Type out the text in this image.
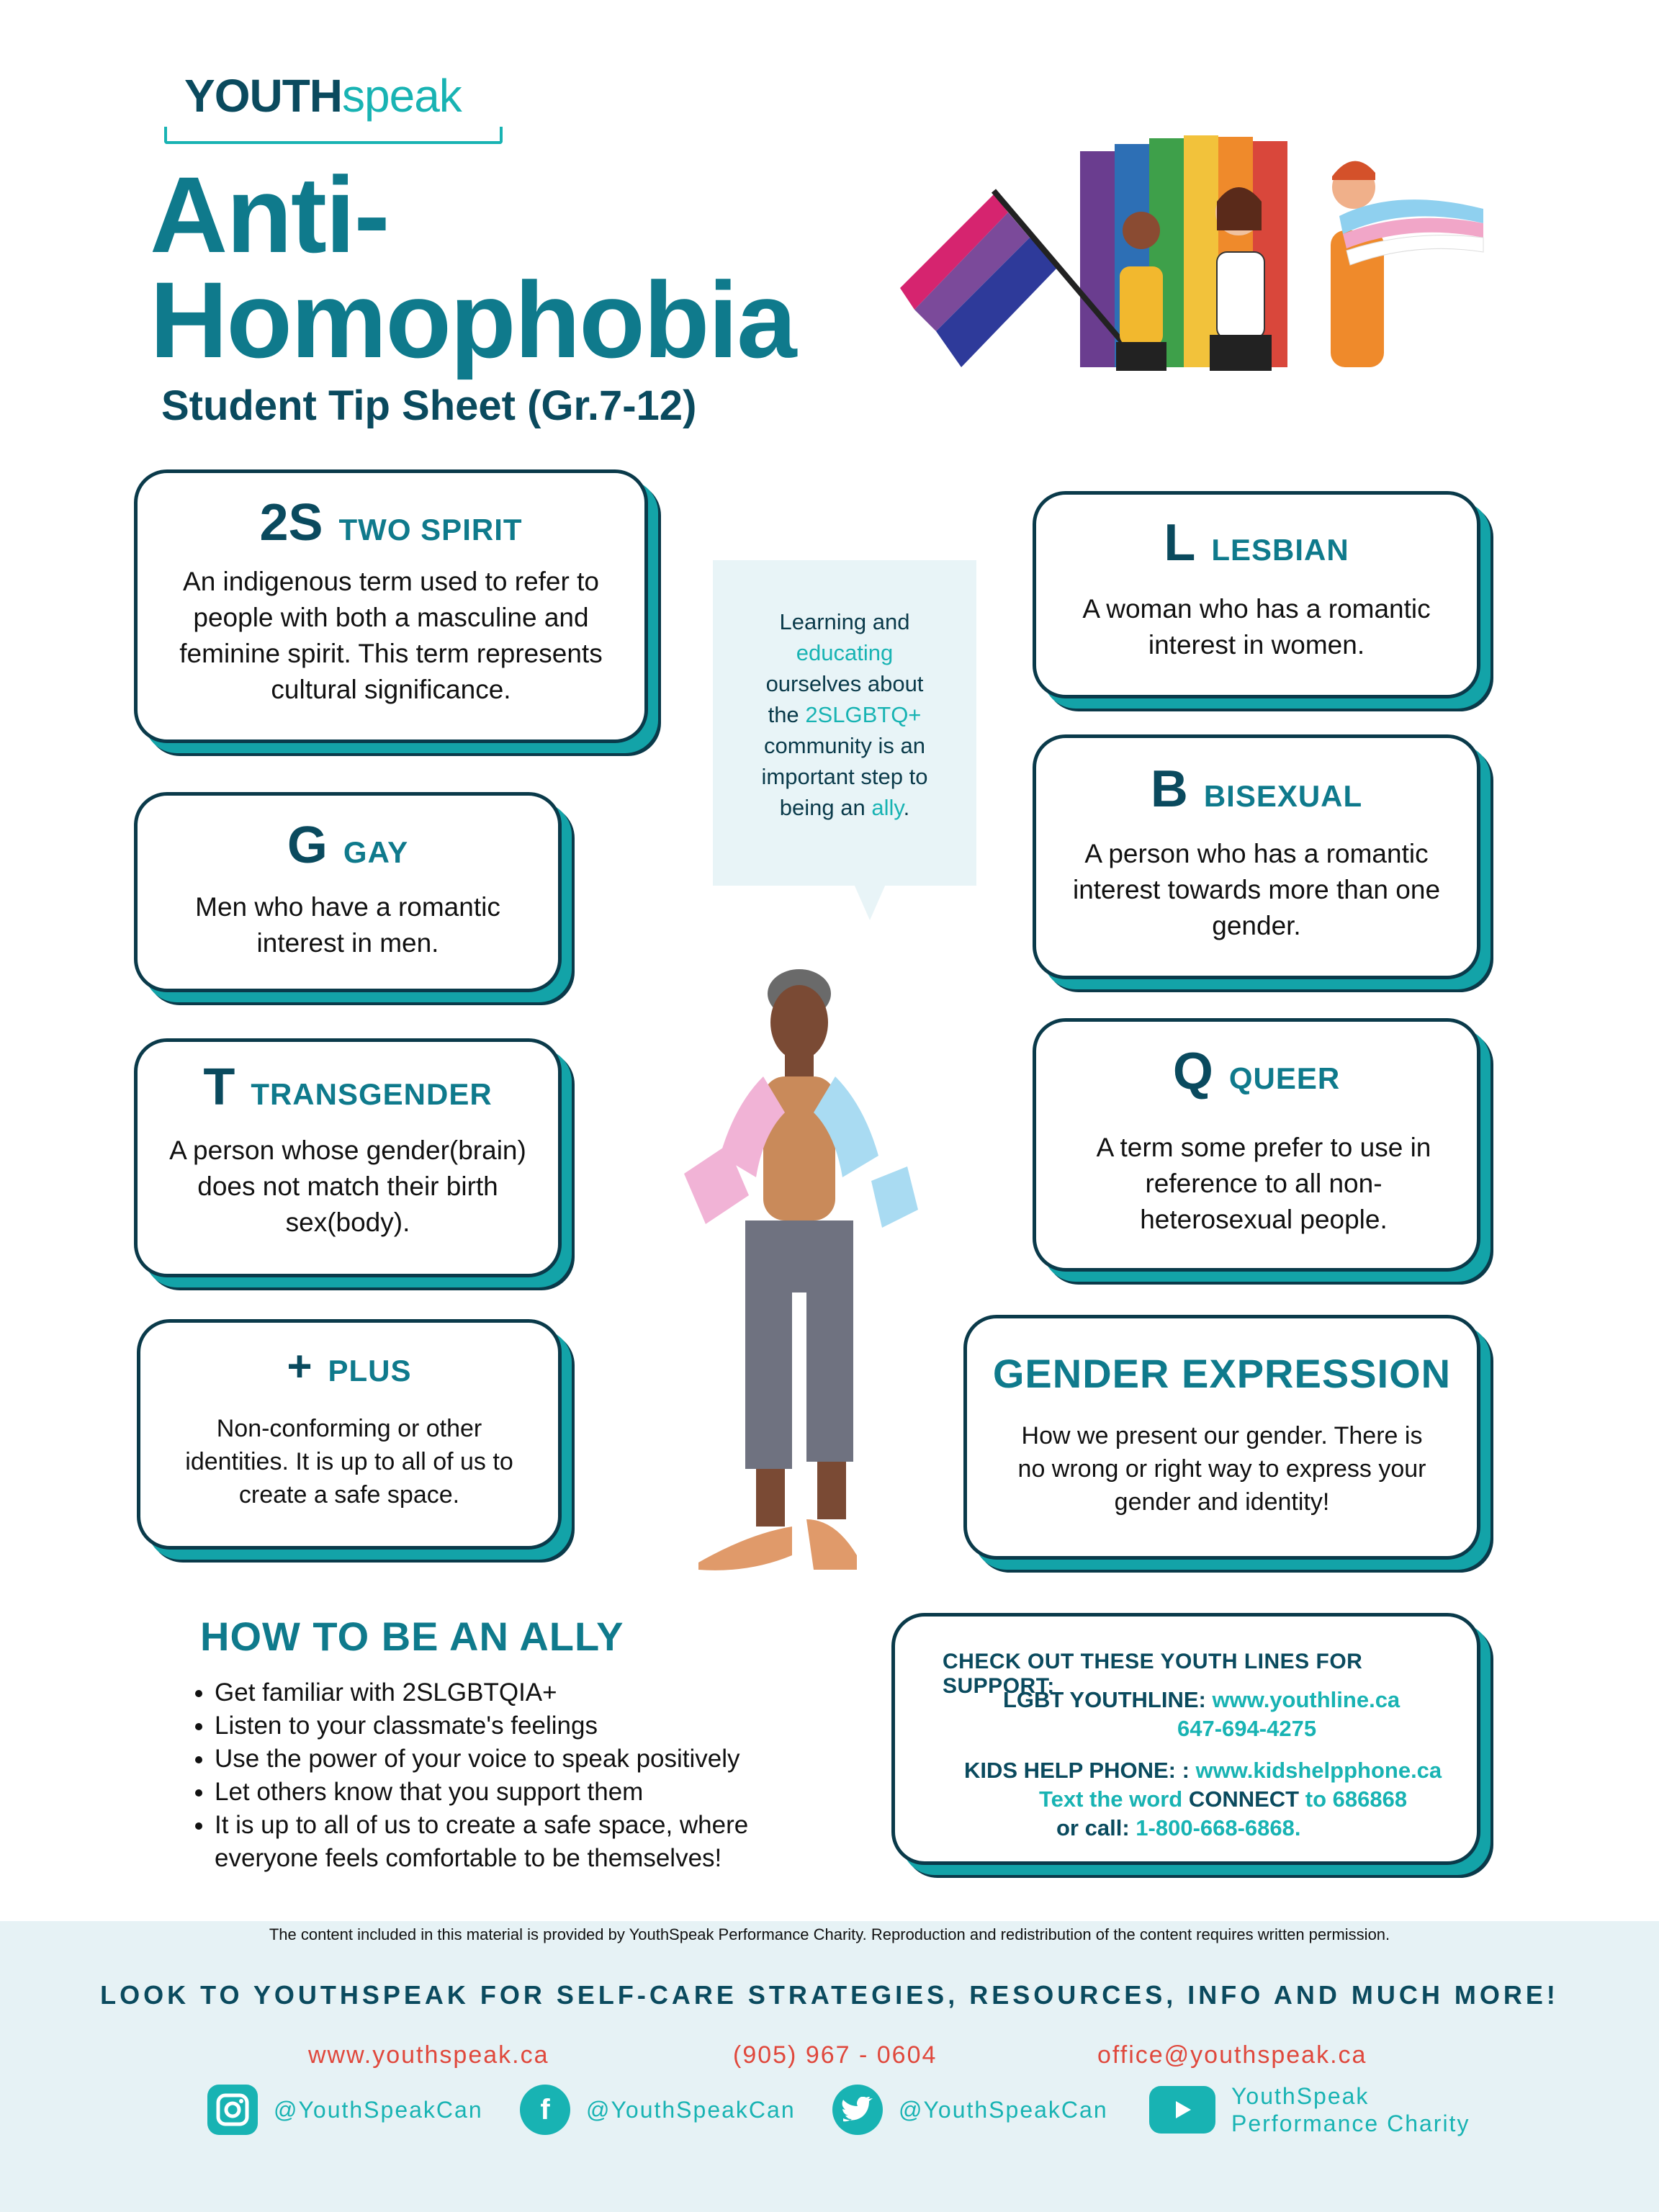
YOUTHspeak
Anti-
Homophobia
Student Tip Sheet (Gr.7-12)
2S TWO SPIRIT
An indigenous term used to refer to people with both a masculine and feminine spirit. This term represents cultural significance.
G GAY
Men who have a romantic interest in men.
T TRANSGENDER
A person whose gender(brain) does not match their birth sex(body).
+ PLUS
Non-conforming or other identities. It is up to all of us to create a safe space.
L LESBIAN
A woman who has a romantic interest in women.
B BISEXUAL
A person who has a romantic interest towards more than one gender.
Q QUEER
A term some prefer to use in reference to all non-heterosexual people.
GENDER EXPRESSION
How we present our gender. There is no wrong or right way to express your gender and identity!
Learning and
educating
ourselves about
the 2SLGBTQ+
community is an
important step to
being an ally.
HOW TO BE AN ALLY
• Get familiar with 2SLGBTQIA+
• Listen to your classmate's feelings
• Use the power of your voice to speak positively
• Let others know that you support them
• It is up to all of us to create a safe space, where everyone feels comfortable to be themselves!
CHECK OUT THESE YOUTH LINES FOR SUPPORT:
LGBT YOUTHLINE: www.youthline.ca
647-694-4275
KIDS HELP PHONE: : www.kidshelpphone.ca
Text the word CONNECT to 686868
or call: 1-800-668-6868.
The content included in this material is provided by YouthSpeak Performance Charity. Reproduction and redistribution of the content requires written permission.
LOOK TO YOUTHSPEAK FOR SELF-CARE STRATEGIES, RESOURCES, INFO AND MUCH MORE!
www.youthspeak.ca	(905) 967 - 0604	office@youthspeak.ca
@YouthSpeakCan	f	@YouthSpeakCan	@YouthSpeakCan
YouthSpeak
Performance Charity
